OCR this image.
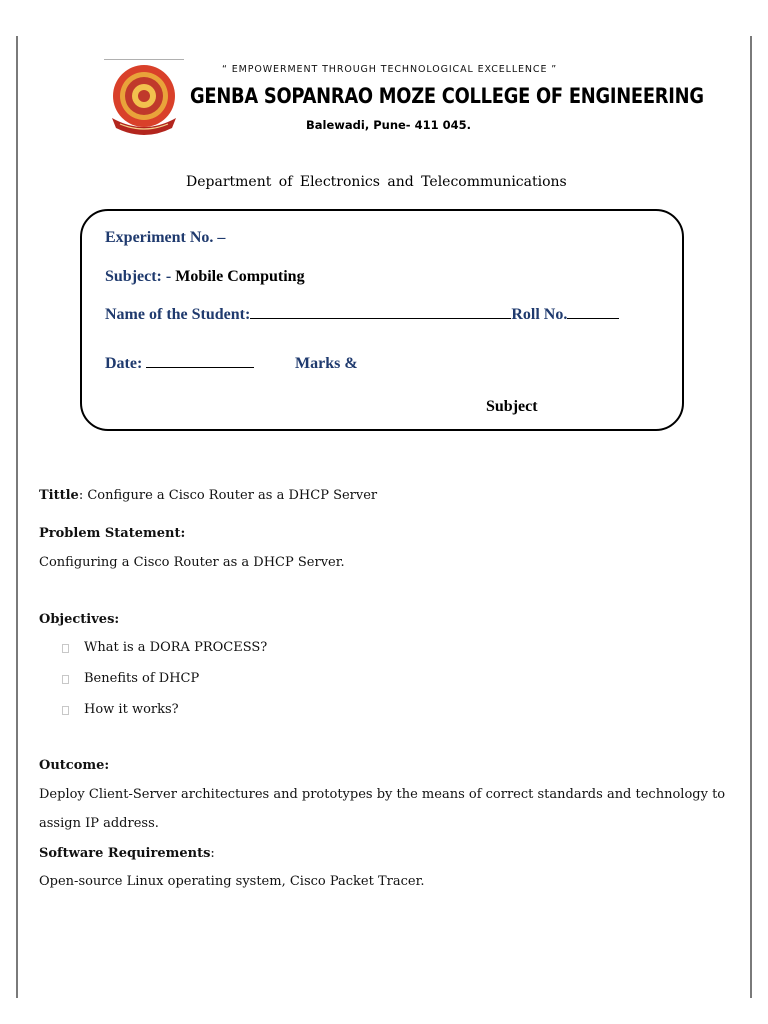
“ EMPOWERMENT THROUGH TECHNOLOGICAL EXCELLENCE ”
GENBA SOPANRAO MOZE COLLEGE OF ENGINEERING
Balewadi, Pune- 411 045.
Department of Electronics and Telecommunications
Experiment No. –
Subject: - Mobile Computing
Name of the Student:	Roll No.
Date:	Marks &
Subject
Tittle: Configure a Cisco Router as a DHCP Server
Problem Statement:
Configuring a Cisco Router as a DHCP Server.
Objectives:
What is a DORA PROCESS?
Benefits of DHCP
How it works?
Outcome:
Deploy Client-Server architectures and prototypes by the means of correct standards and technology to
assign IP address.
Software Requirements:
Open-source Linux operating system, Cisco Packet Tracer.
